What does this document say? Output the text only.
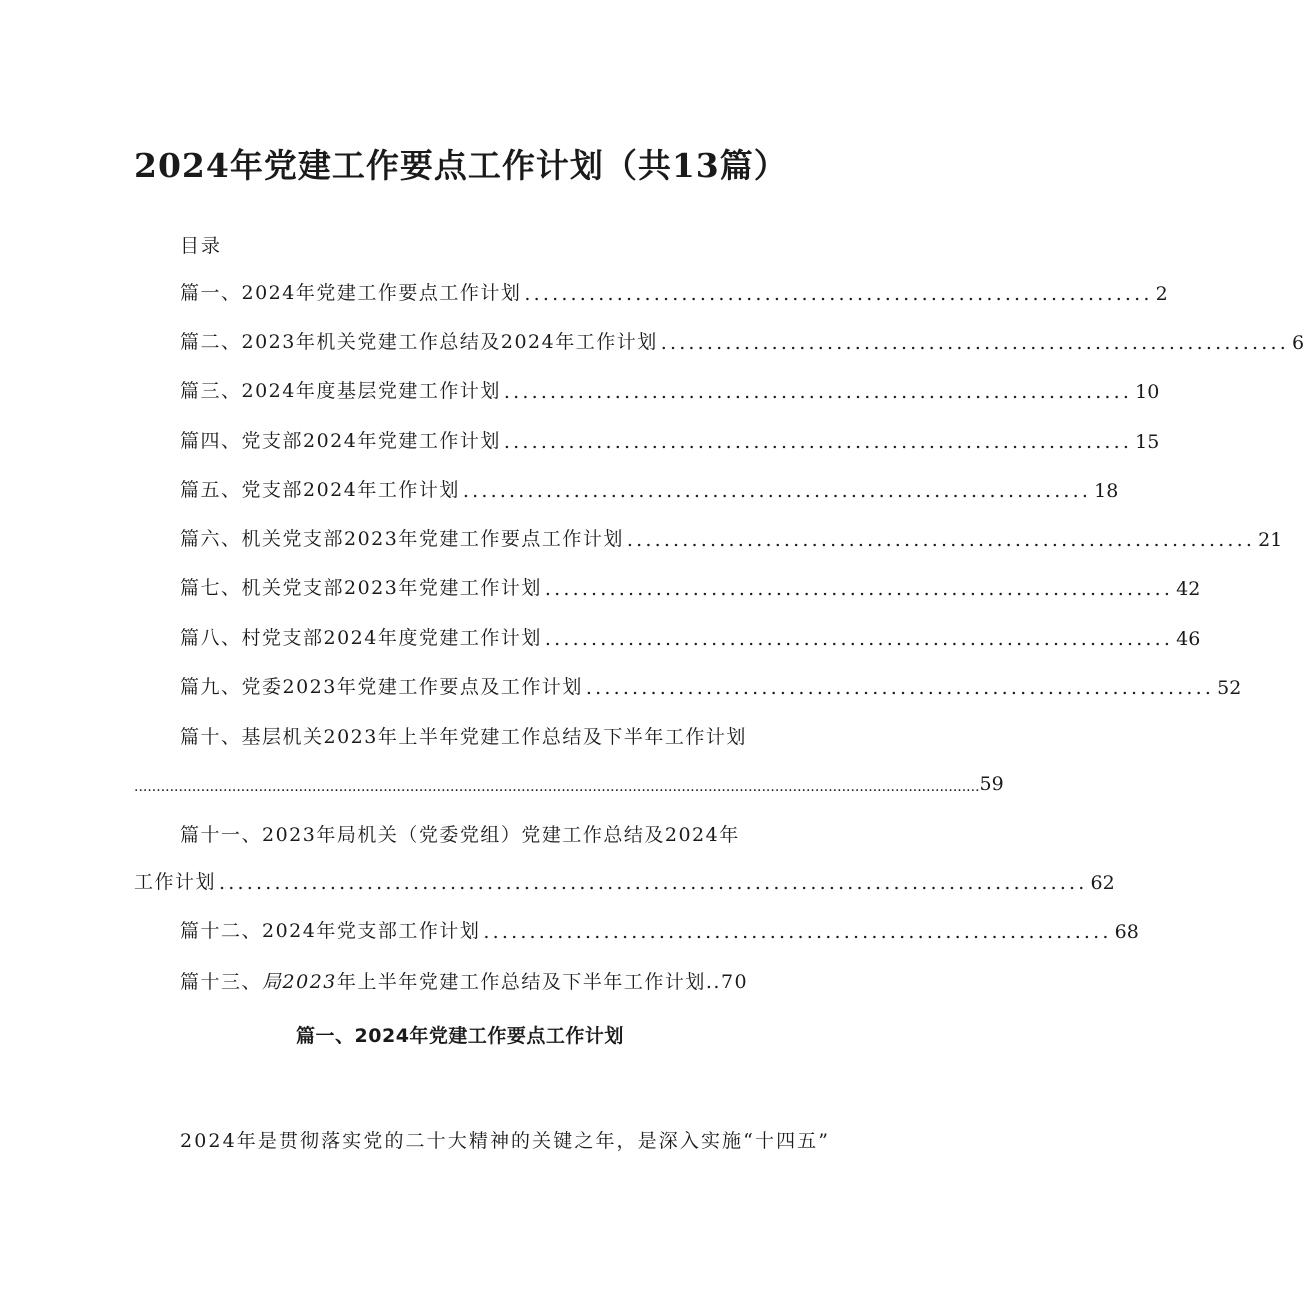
2024年党建工作要点工作计划（共13篇）
目录
篇一、2024年党建工作要点工作计划 .................................................................... 2
篇二、2023年机关党建工作总结及2024年工作计划 .................................................................... 6
篇三、2024年度基层党建工作计划 .................................................................... 10
篇四、党支部2024年党建工作计划 .................................................................... 15
篇五、党支部2024年工作计划 .................................................................... 18
篇六、机关党支部2023年党建工作要点工作计划 .................................................................... 21
篇七、机关党支部2023年党建工作计划 .................................................................... 42
篇八、村党支部2024年度党建工作计划 .................................................................... 46
篇九、党委2023年党建工作要点及工作计划 .................................................................... 52
篇十、基层机关2023年上半年党建工作总结及下半年工作计划
.............................................................................................................................................................................................. 59
篇十一、2023年局机关（党委党组）党建工作总结及2024年
工作计划 .............................................................................................. 62
篇十二、2024年党支部工作计划 .................................................................... 68
篇十三、局2023年上半年党建工作总结及下半年工作计划..70
篇一、2024年党建工作要点工作计划
2024年是贯彻落实党的二十大精神的关键之年，是深入实施“十四五”
